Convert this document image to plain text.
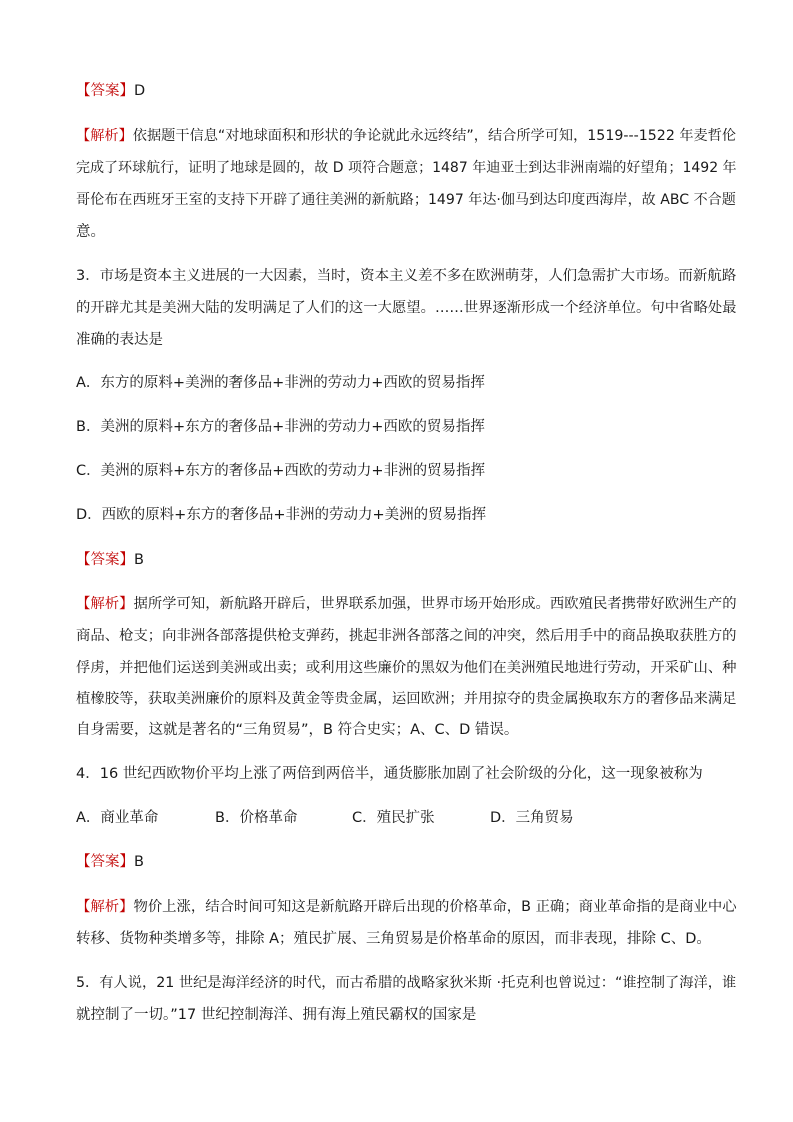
【答案】D
【解析】依据题干信息“对地球面积和形状的争论就此永远终结”，结合所学可知，1519---1522 年麦哲伦
完成了环球航行，证明了地球是圆的，故 D 项符合题意；1487 年迪亚士到达非洲南端的好望角；1492 年
哥伦布在西班牙王室的支持下开辟了通往美洲的新航路；1497 年达·伽马到达印度西海岸，故 ABC 不合题
意。
3．市场是资本主义进展的一大因素，当时，资本主义差不多在欧洲萌芽，人们急需扩大市场。而新航路
的开辟尤其是美洲大陆的发明满足了人们的这一大愿望。……世界逐渐形成一个经济单位。句中省略处最
准确的表达是
A．东方的原料+美洲的奢侈品+非洲的劳动力+西欧的贸易指挥
B．美洲的原料+东方的奢侈品+非洲的劳动力+西欧的贸易指挥
C．美洲的原料+东方的奢侈品+西欧的劳动力+非洲的贸易指挥
D．西欧的原料+东方的奢侈品+非洲的劳动力+美洲的贸易指挥
【答案】B
【解析】据所学可知，新航路开辟后，世界联系加强，世界市场开始形成。西欧殖民者携带好欧洲生产的
商品、枪支；向非洲各部落提供枪支弹药，挑起非洲各部落之间的冲突，然后用手中的商品换取获胜方的
俘虏，并把他们运送到美洲或出卖；或利用这些廉价的黑奴为他们在美洲殖民地进行劳动，开采矿山、种
植橡胶等，获取美洲廉价的原料及黄金等贵金属，运回欧洲；并用掠夺的贵金属换取东方的奢侈品来满足
自身需要，这就是著名的“三角贸易”，B 符合史实；A、C、D 错误。
4．16 世纪西欧物价平均上涨了两倍到两倍半，通货膨胀加剧了社会阶级的分化，这一现象被称为
A．商业革命	B．价格革命	C．殖民扩张	D．三角贸易
【答案】B
【解析】物价上涨，结合时间可知这是新航路开辟后出现的价格革命，B 正确；商业革命指的是商业中心
转移、货物种类增多等，排除 A；殖民扩展、三角贸易是价格革命的原因，而非表现，排除 C、D。
5．有人说，21 世纪是海洋经济的时代，而古希腊的战略家狄米斯 ·托克利也曾说过：“谁控制了海洋，谁
就控制了一切。”17 世纪控制海洋、拥有海上殖民霸权的国家是
